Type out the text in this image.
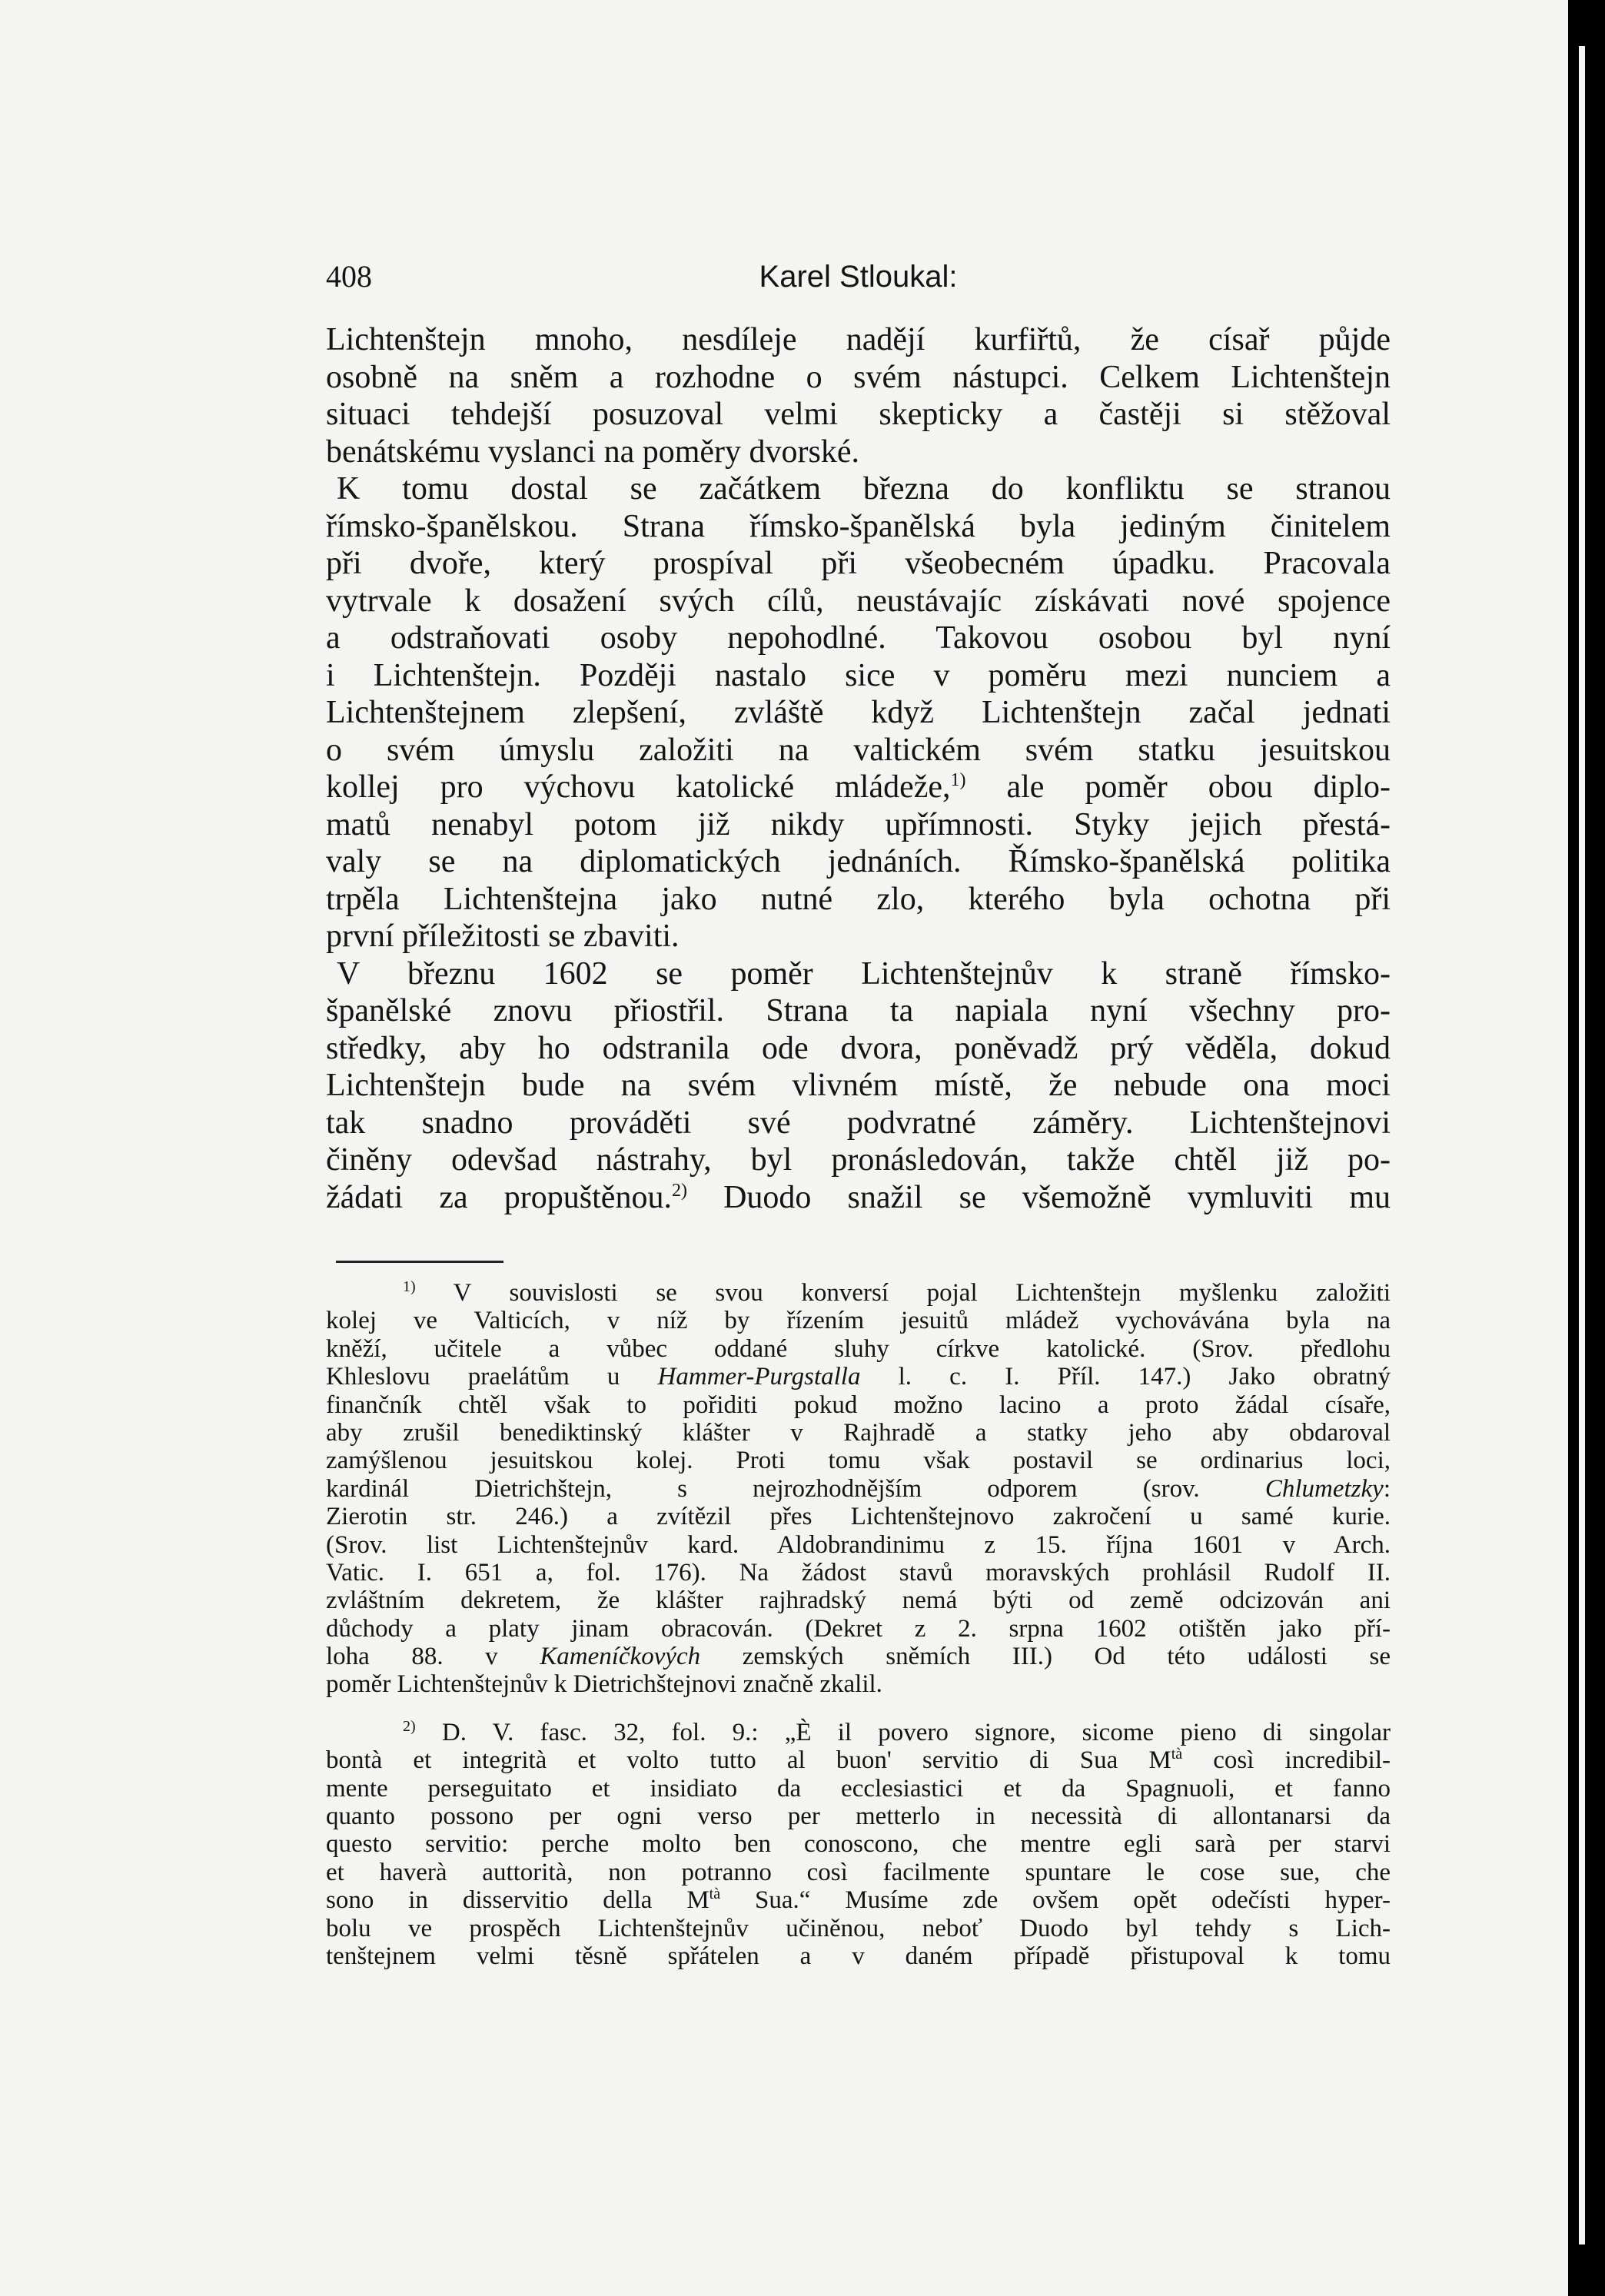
408	Karel Stloukal:
Lichtenštejn mnoho, nesdíleje nadějí kurfiřtů, že císař půjde
osobně na sněm a rozhodne o svém nástupci. Celkem Lichtenštejn
situaci tehdejší posuzoval velmi skepticky a častěji si stěžoval
benátskému vyslanci na poměry dvorské.
K tomu dostal se začátkem března do konfliktu se stranou
římsko-španělskou. Strana římsko-španělská byla jediným činitelem
při dvoře, který prospíval při všeobecném úpadku. Pracovala
vytrvale k dosažení svých cílů, neustávajíc získávati nové spojence
a odstraňovati osoby nepohodlné. Takovou osobou byl nyní
i Lichtenštejn. Později nastalo sice v poměru mezi nunciem a
Lichtenštejnem zlepšení, zvláště když Lichtenštejn začal jednati
o svém úmyslu založiti na valtickém svém statku jesuitskou
kollej pro výchovu katolické mládeže,$^{1)}$ ale poměr obou diplo-
matů nenabyl potom již nikdy upřímnosti. Styky jejich přestá-
valy se na diplomatických jednáních. Římsko-španělská politika
trpěla Lichtenštejna jako nutné zlo, kterého byla ochotna při
první příležitosti se zbaviti.
V březnu 1602 se poměr Lichtenštejnův k straně římsko-
španělské znovu přiostřil. Strana ta napiala nyní všechny pro-
středky, aby ho odstranila ode dvora, poněvadž prý věděla, dokud
Lichtenštejn bude na svém vlivném místě, že nebude ona moci
tak snadno prováděti své podvratné záměry. Lichtenštejnovi
činěny odevšad nástrahy, byl pronásledován, takže chtěl již po-
žádati za propuštěnou.$^{2)}$ Duodo snažil se všemožně vymluviti mu
$^{1)}$ V souvislosti se svou konversí pojal Lichtenštejn myšlenku založiti
kolej ve Valticích, v níž by řízením jesuitů mládež vychovávána byla na
kněží, učitele a vůbec oddané sluhy církve katolické. (Srov. předlohu
Khleslovu praelátům u Hammer-Purgstalla l. c. I. Příl. 147.) Jako obratný
finančník chtěl však to pořiditi pokud možno lacino a proto žádal císaře,
aby zrušil benediktinský klášter v Rajhradě a statky jeho aby obdaroval
zamýšlenou jesuitskou kolej. Proti tomu však postavil se ordinarius loci,
kardinál Dietrichštejn, s nejrozhodnějším odporem (srov. Chlumetzky:
Zierotin str. 246.) a zvítězil přes Lichtenštejnovo zakročení u samé kurie.
(Srov. list Lichtenštejnův kard. Aldobrandinimu z 15. října 1601 v Arch.
Vatic. I. 651 a, fol. 176). Na žádost stavů moravských prohlásil Rudolf II.
zvláštním dekretem, že klášter rajhradský nemá býti od země odcizován ani
důchody a platy jinam obracován. (Dekret z 2. srpna 1602 otištěn jako pří-
loha 88. v Kameníčkových zemských sněmích III.) Od této události se
poměr Lichtenštejnův k Dietrichštejnovi značně zkalil.
$^{2)}$ D. V. fasc. 32, fol. 9.: „È il povero signore, sicome pieno di singolar
bontà et integrità et volto tutto al buon' servitio di Sua $M^{tà}$ così incredibil-
mente perseguitato et insidiato da ecclesiastici et da Spagnuoli, et fanno
quanto possono per ogni verso per metterlo in necessità di allontanarsi da
questo servitio: perche molto ben conoscono, che mentre egli sarà per starvi
et haverà auttorità, non potranno così facilmente spuntare le cose sue, che
sono in disservitio della $M^{tà}$ Sua.“ Musíme zde ovšem opět odečísti hyper-
bolu ve prospěch Lichtenštejnův učiněnou, neboť Duodo byl tehdy s Lich-
tenštejnem velmi těsně spřátelen a v daném případě přistupoval k tomu
